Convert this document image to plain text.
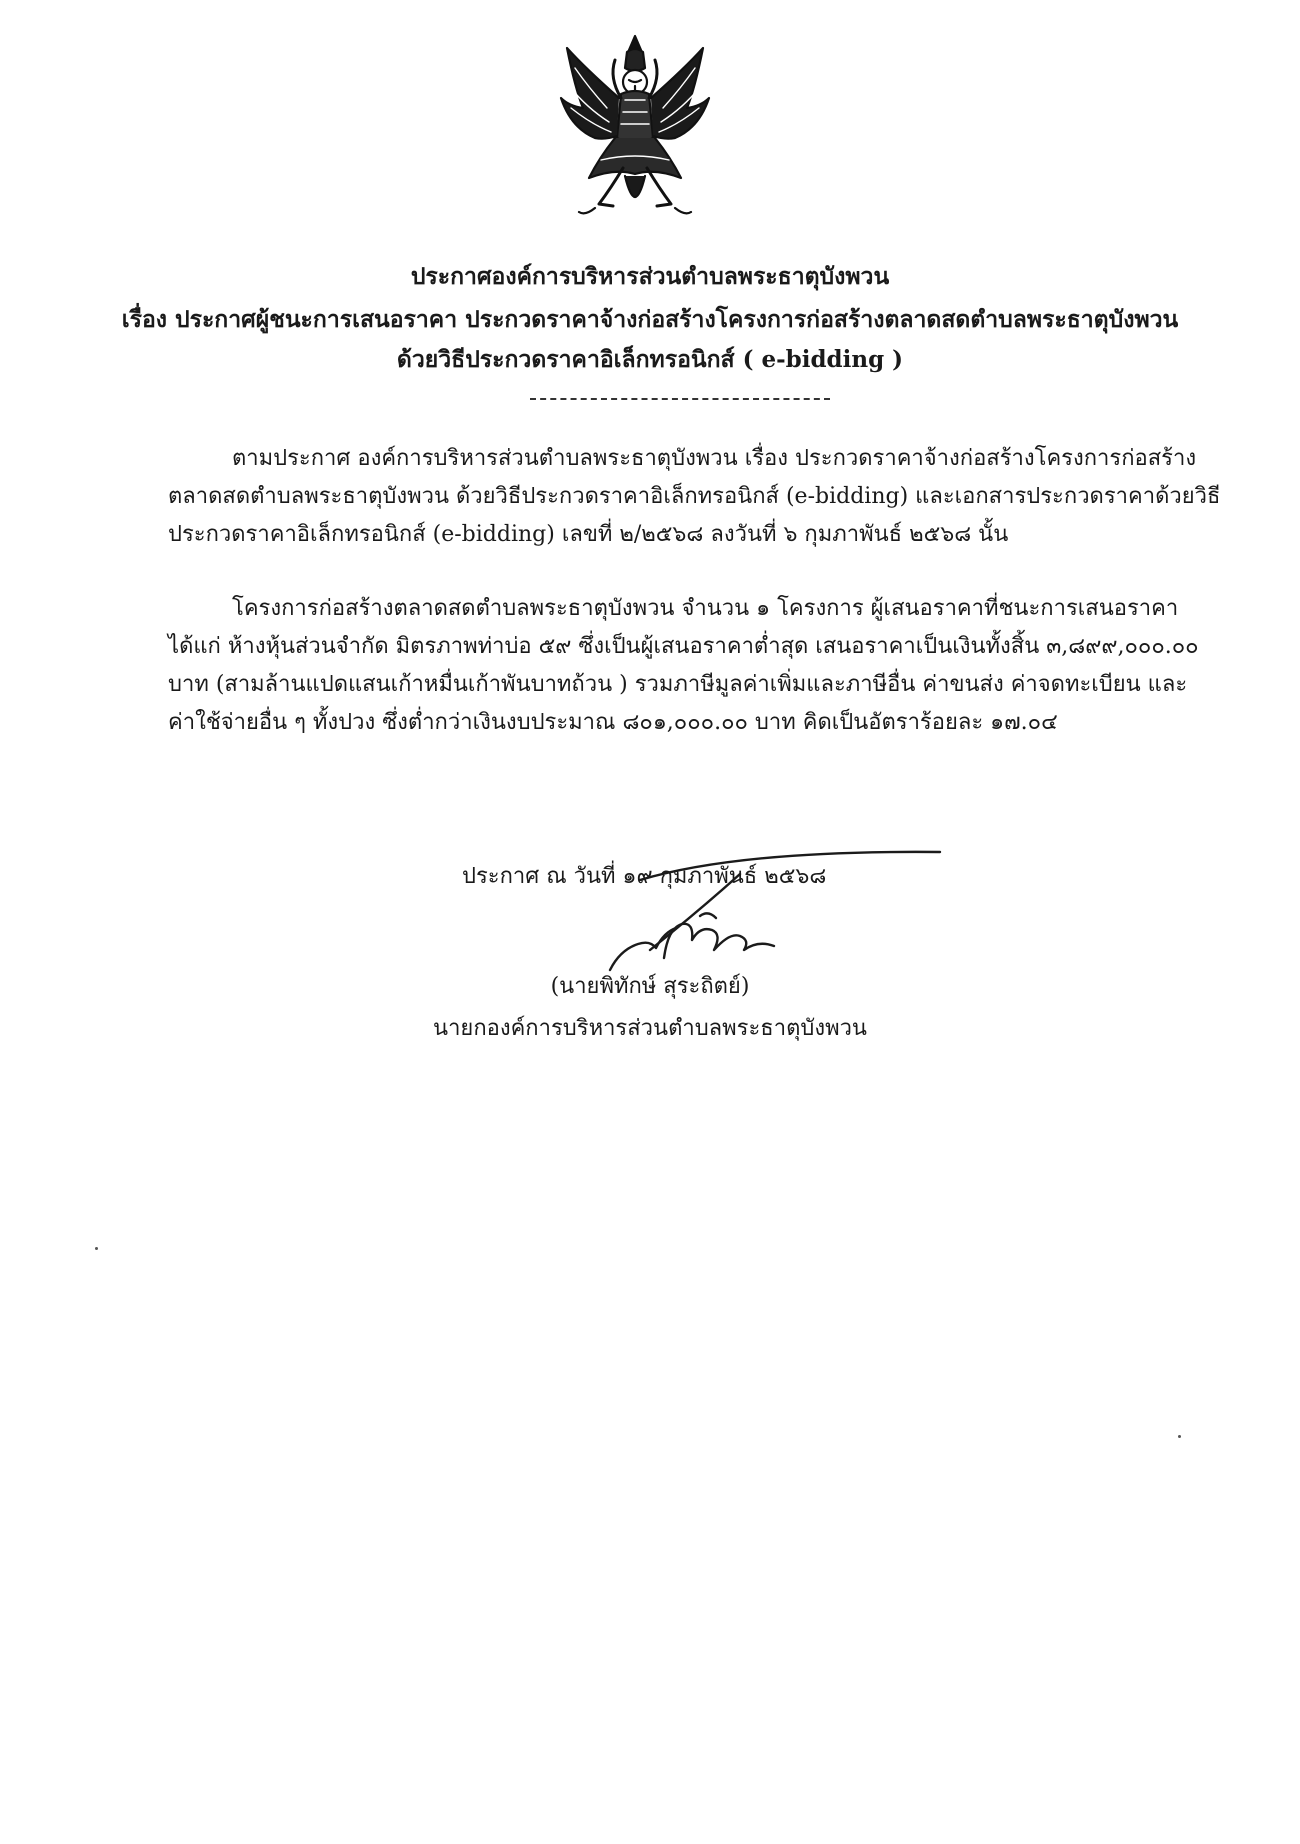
ประกาศองค์การบริหารส่วนตำบลพระธาตุบังพวน
เรื่อง ประกาศผู้ชนะการเสนอราคา ประกวดราคาจ้างก่อสร้างโครงการก่อสร้างตลาดสดตำบลพระธาตุบังพวน
ด้วยวิธีประกวดราคาอิเล็กทรอนิกส์ ( e-bidding )

ตามประกาศ องค์การบริหารส่วนตำบลพระธาตุบังพวน เรื่อง ประกวดราคาจ้างก่อสร้างโครงการก่อสร้าง
ตลาดสดตำบลพระธาตุบังพวน ด้วยวิธีประกวดราคาอิเล็กทรอนิกส์ (e-bidding) และเอกสารประกวดราคาด้วยวิธี
ประกวดราคาอิเล็กทรอนิกส์ (e-bidding) เลขที่ ๒/๒๕๖๘ ลงวันที่ ๖ กุมภาพันธ์ ๒๕๖๘ นั้น

โครงการก่อสร้างตลาดสดตำบลพระธาตุบังพวน จำนวน ๑ โครงการ ผู้เสนอราคาที่ชนะการเสนอราคา
ได้แก่ ห้างหุ้นส่วนจำกัด มิตรภาพท่าบ่อ ๕๙ ซึ่งเป็นผู้เสนอราคาต่ำสุด เสนอราคาเป็นเงินทั้งสิ้น ๓,๘๙๙,๐๐๐.๐๐
บาท (สามล้านแปดแสนเก้าหมื่นเก้าพันบาทถ้วน ) รวมภาษีมูลค่าเพิ่มและภาษีอื่น ค่าขนส่ง ค่าจดทะเบียน และ
ค่าใช้จ่ายอื่น ๆ ทั้งปวง ซึ่งต่ำกว่าเงินงบประมาณ ๘๐๑,๐๐๐.๐๐ บาท คิดเป็นอัตราร้อยละ ๑๗.๐๔

ประกาศ ณ วันที่ ๑๙ กุมภาพันธ์ ๒๕๖๘
(นายพิทักษ์ สุระถิตย์)
นายกองค์การบริหารส่วนตำบลพระธาตุบังพวน
